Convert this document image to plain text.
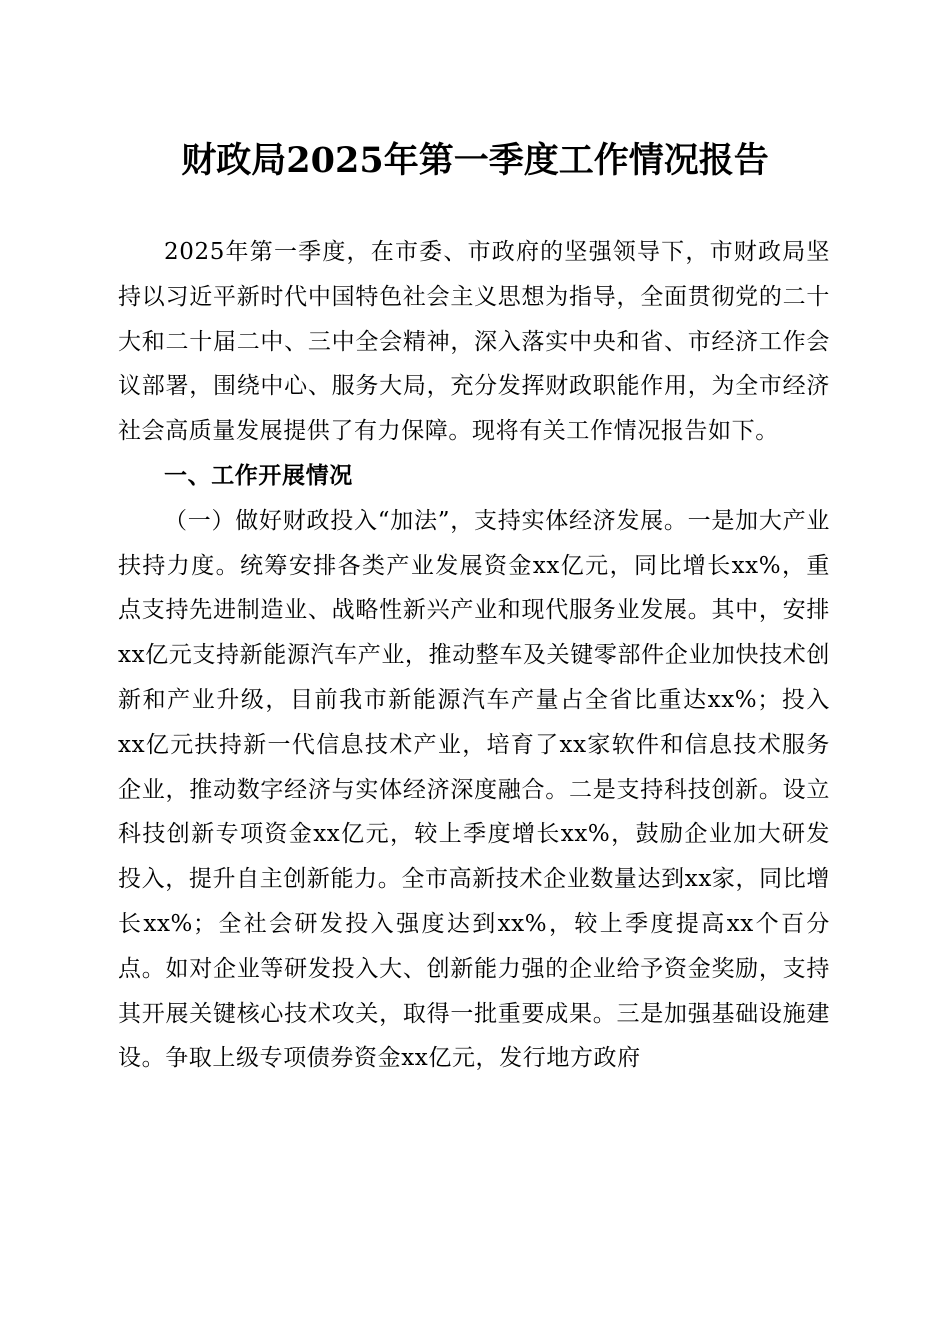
财政局2025年第一季度工作情况报告

2025年第一季度，在市委、市政府的坚强领导下，市财政局坚持以习近平新时代中国特色社会主义思想为指导，全面贯彻党的二十大和二十届二中、三中全会精神，深入落实中央和省、市经济工作会议部署，围绕中心、服务大局，充分发挥财政职能作用，为全市经济社会高质量发展提供了有力保障。现将有关工作情况报告如下。

一、工作开展情况

（一）做好财政投入“加法”，支持实体经济发展。一是加大产业扶持力度。统筹安排各类产业发展资金xx亿元，同比增长xx%，重点支持先进制造业、战略性新兴产业和现代服务业发展。其中，安排xx亿元支持新能源汽车产业，推动整车及关键零部件企业加快技术创新和产业升级，目前我市新能源汽车产量占全省比重达xx%；投入xx亿元扶持新一代信息技术产业，培育了xx家软件和信息技术服务企业，推动数字经济与实体经济深度融合。二是支持科技创新。设立科技创新专项资金xx亿元，较上季度增长xx%，鼓励企业加大研发投入，提升自主创新能力。全市高新技术企业数量达到xx家，同比增长xx%；全社会研发投入强度达到xx%，较上季度提高xx个百分点。如对企业等研发投入大、创新能力强的企业给予资金奖励，支持其开展关键核心技术攻关，取得一批重要成果。三是加强基础设施建设。争取上级专项债券资金xx亿元，发行地方政府
